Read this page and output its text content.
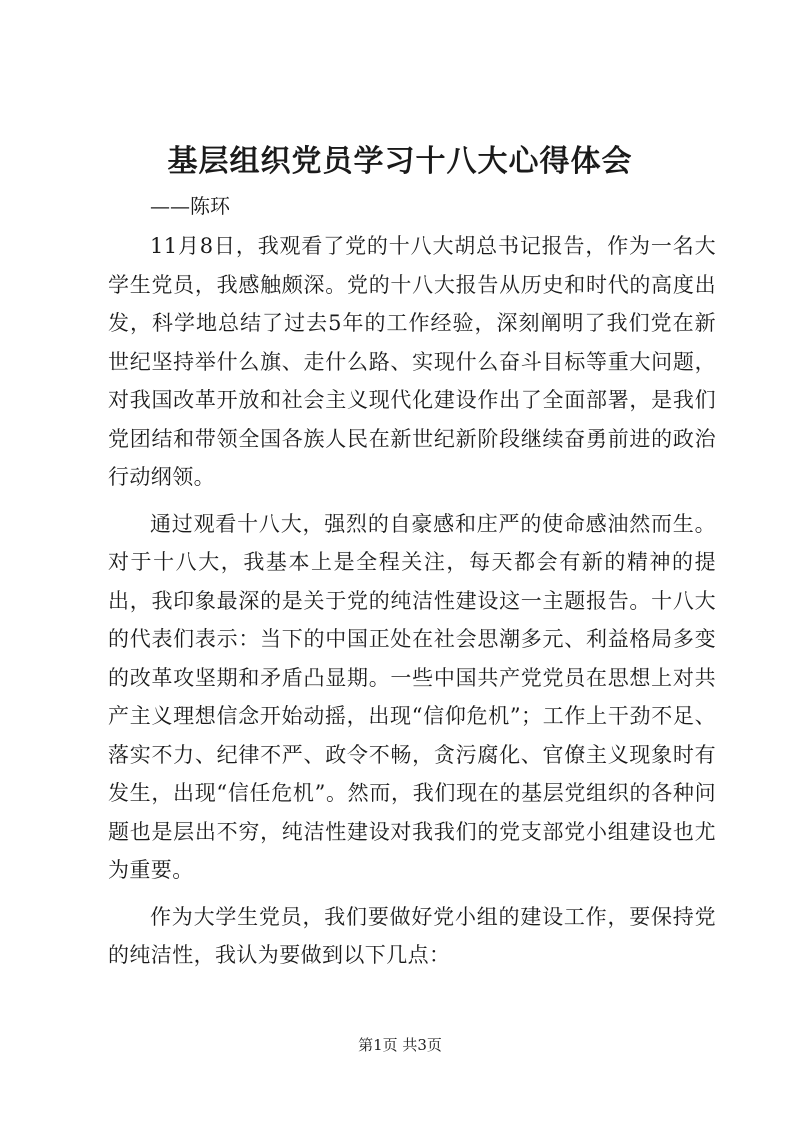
基层组织党员学习十八大心得体会

——陈环

11月8日，我观看了党的十八大胡总书记报告，作为一名大学生党员，我感触颇深。党的十八大报告从历史和时代的高度出发，科学地总结了过去5年的工作经验，深刻阐明了我们党在新世纪坚持举什么旗、走什么路、实现什么奋斗目标等重大问题，对我国改革开放和社会主义现代化建设作出了全面部署，是我们党团结和带领全国各族人民在新世纪新阶段继续奋勇前进的政治行动纲领。

通过观看十八大，强烈的自豪感和庄严的使命感油然而生。对于十八大，我基本上是全程关注，每天都会有新的精神的提出，我印象最深的是关于党的纯洁性建设这一主题报告。十八大的代表们表示：当下的中国正处在社会思潮多元、利益格局多变的改革攻坚期和矛盾凸显期。一些中国共产党党员在思想上对共产主义理想信念开始动摇，出现“信仰危机”；工作上干劲不足、落实不力、纪律不严、政令不畅，贪污腐化、官僚主义现象时有发生，出现“信任危机”。然而，我们现在的基层党组织的各种问题也是层出不穷，纯洁性建设对我我们的党支部党小组建设也尤为重要。

作为大学生党员，我们要做好党小组的建设工作，要保持党的纯洁性，我认为要做到以下几点：

第1页 共3页
